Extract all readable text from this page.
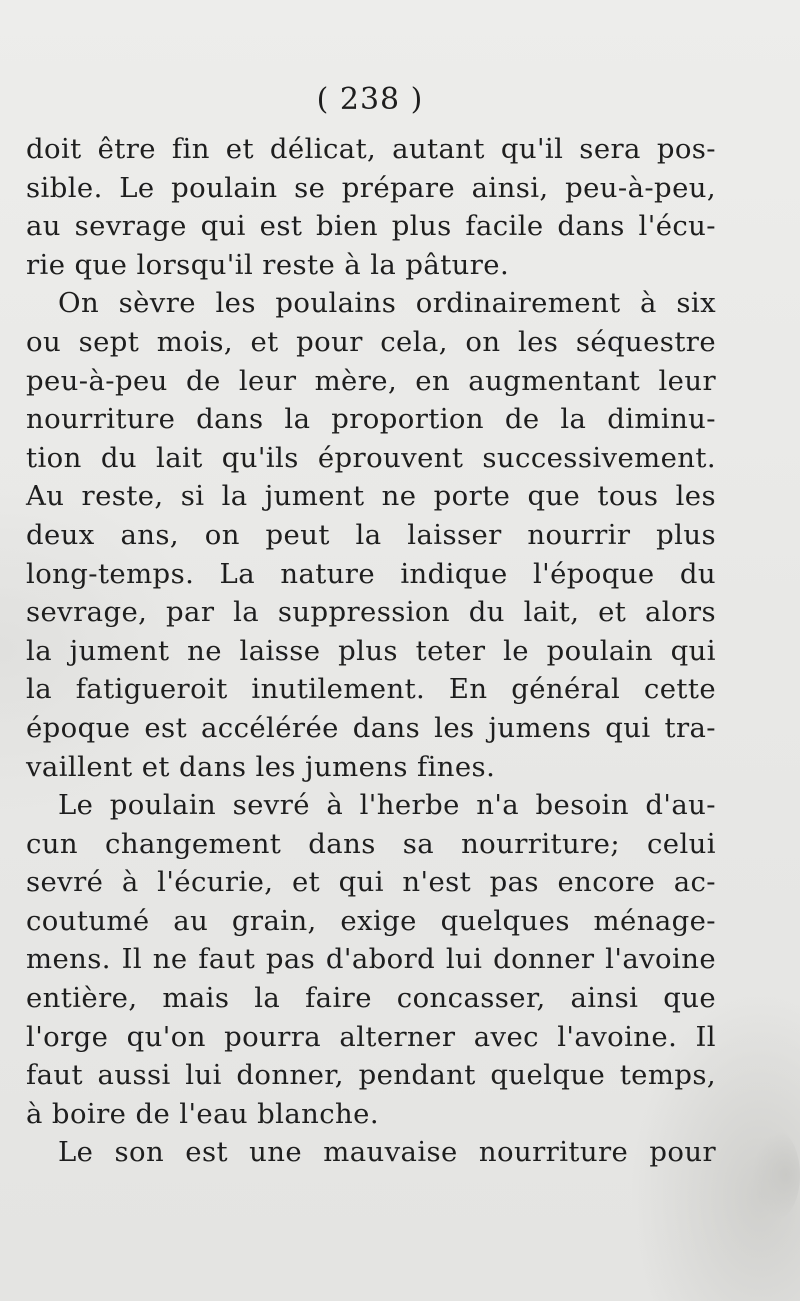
( 238 )
doit être fin et délicat, autant qu'il sera pos-
sible. Le poulain se prépare ainsi, peu-à-peu,
au sevrage qui est bien plus facile dans l'écu-
rie que lorsqu'il reste à la pâture.
On sèvre les poulains ordinairement à six
ou sept mois, et pour cela, on les séquestre
peu-à-peu de leur mère, en augmentant leur
nourriture dans la proportion de la diminu-
tion du lait qu'ils éprouvent successivement.
Au reste, si la jument ne porte que tous les
deux ans, on peut la laisser nourrir plus
long-temps. La nature indique l'époque du
sevrage, par la suppression du lait, et alors
la jument ne laisse plus teter le poulain qui
la fatigueroit inutilement. En général cette
époque est accélérée dans les jumens qui tra-
vaillent et dans les jumens fines.
Le poulain sevré à l'herbe n'a besoin d'au-
cun changement dans sa nourriture; celui
sevré à l'écurie, et qui n'est pas encore ac-
coutumé au grain, exige quelques ménage-
mens. Il ne faut pas d'abord lui donner l'avoine
entière, mais la faire concasser, ainsi que
l'orge qu'on pourra alterner avec l'avoine. Il
faut aussi lui donner, pendant quelque temps,
à boire de l'eau blanche.
Le son est une mauvaise nourriture pour
